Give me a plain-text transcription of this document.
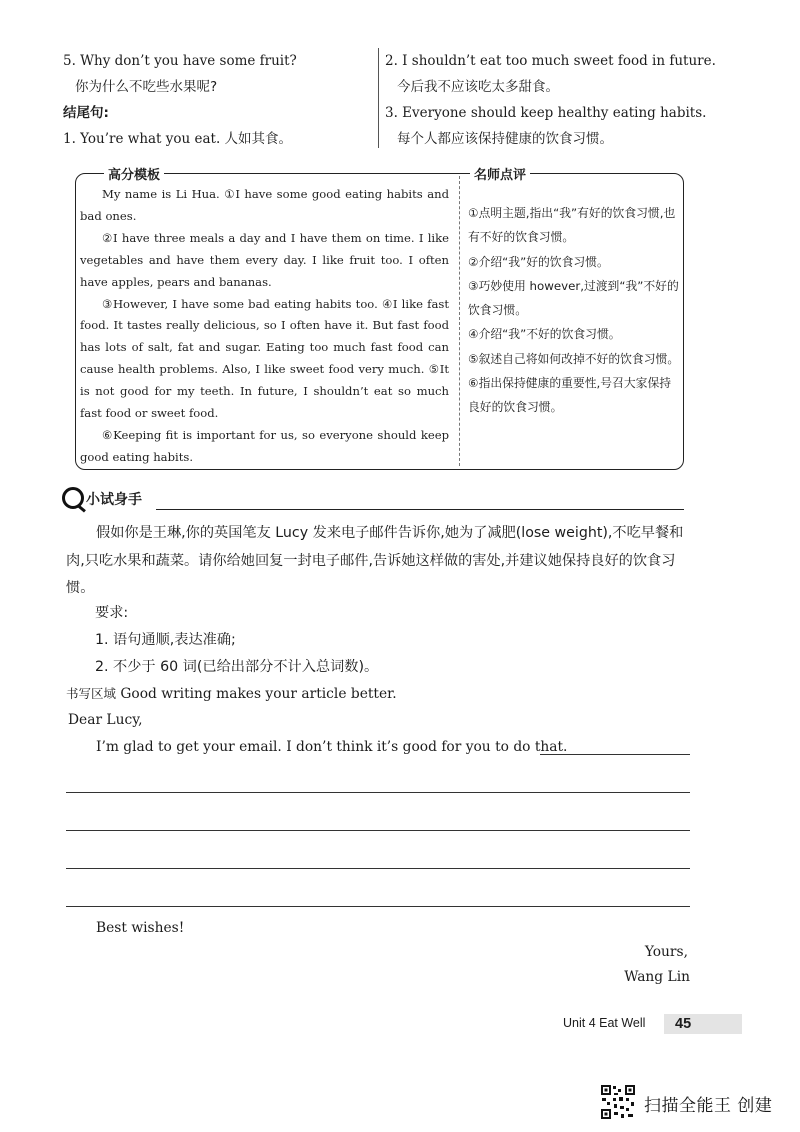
5. Why don’t you have some fruit?
你为什么不吃些水果呢?
结尾句:
1. You’re what you eat. 人如其食。
2. I shouldn’t eat too much sweet food in future.
今后我不应该吃太多甜食。
3. Everyone should keep healthy eating habits.
每个人都应该保持健康的饮食习惯。
高分模板	名师点评

My name is Li Hua. ①I have some good eating habits and bad ones.

②I have three meals a day and I have them on time. I like vegetables and have them every day. I like fruit too. I often have apples, pears and bananas.

③However, I have some bad eating habits too. ④I like fast food. It tastes really delicious, so I often have it. But fast food has lots of salt, fat and sugar. Eating too much fast food can cause health problems. Also, I like sweet food very much. ⑤It is not good for my teeth. In future, I shouldn’t eat so much fast food or sweet food.

⑥Keeping fit is important for us, so everyone should keep good eating habits.

①点明主题,指出“我”有好的饮食习惯,也有不好的饮食习惯。
②介绍“我”好的饮食习惯。
③巧妙使用 however,过渡到“我”不好的饮食习惯。
④介绍“我”不好的饮食习惯。
⑤叙述自己将如何改掉不好的饮食习惯。
⑥指出保持健康的重要性,号召大家保持良好的饮食习惯。
小试身手
假如你是王琳,你的英国笔友 Lucy 发来电子邮件告诉你,她为了减肥(lose weight),不吃早餐和肉,只吃水果和蔬菜。请你给她回复一封电子邮件,告诉她这样做的害处,并建议她保持良好的饮食习惯。
要求:
1. 语句通顺,表达准确;
2. 不少于 60 词(已给出部分不计入总词数)。
书写区域 Good writing makes your article better.
Dear Lucy,
I’m glad to get your email. I don’t think it’s good for you to do that.
Best wishes!
Yours,
Wang Lin
Unit 4 Eat Well	45
扫描全能王 创建
